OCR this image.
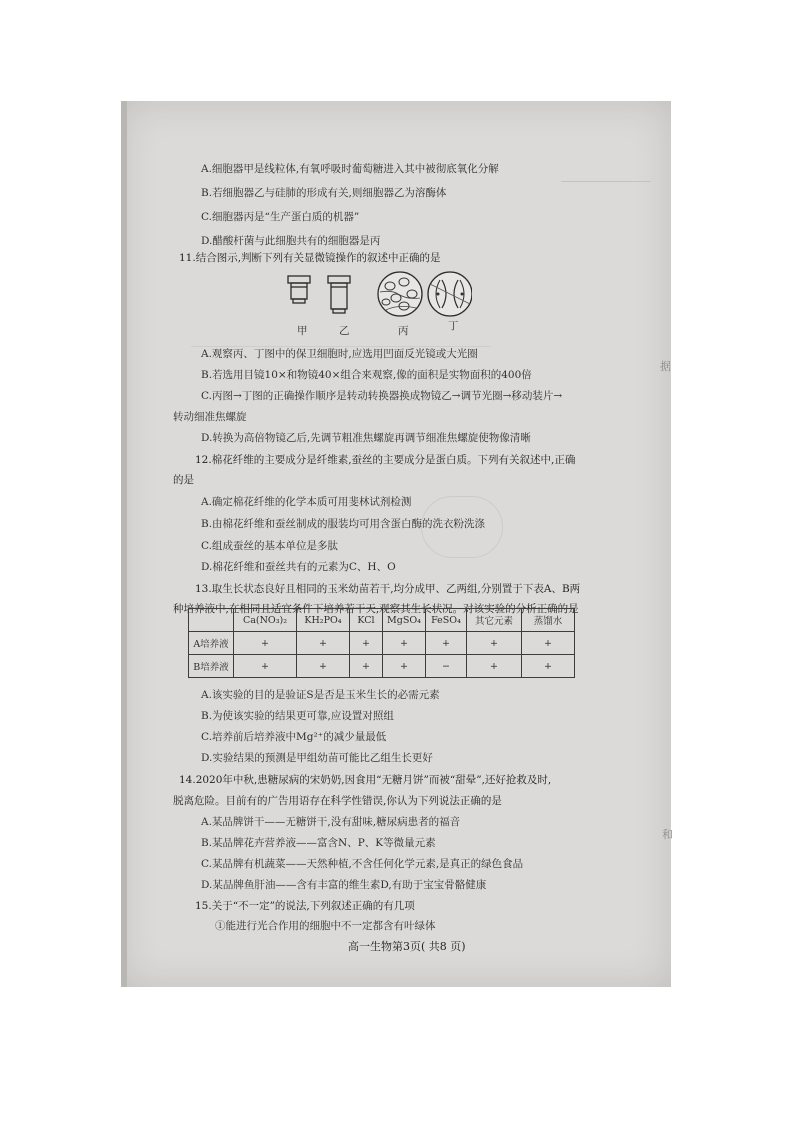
A.细胞器甲是线粒体,有氧呼吸时葡萄糖进入其中被彻底氧化分解
B.若细胞器乙与硅肺的形成有关,则细胞器乙为溶酶体
C.细胞器丙是“生产蛋白质的机器”
D.醋酸杆菌与此细胞共有的细胞器是丙
11.结合图示,判断下列有关显微镜操作的叙述中正确的是
甲	乙	丙	丁
A.观察丙、丁图中的保卫细胞时,应选用凹面反光镜或大光圈
B.若选用目镜10×和物镜40×组合来观察,像的面积是实物面积的400倍
C.丙图→丁图的正确操作顺序是转动转换器换成物镜乙→调节光圈→移动装片→
转动细准焦螺旋
D.转换为高倍物镜乙后,先调节粗准焦螺旋再调节细准焦螺旋使物像清晰
12.棉花纤维的主要成分是纤维素,蚕丝的主要成分是蛋白质。下列有关叙述中,正确
的是
A.确定棉花纤维的化学本质可用斐林试剂检测
B.由棉花纤维和蚕丝制成的服装均可用含蛋白酶的洗衣粉洗涤
C.组成蚕丝的基本单位是多肽
D.棉花纤维和蚕丝共有的元素为C、H、O
13.取生长状态良好且相同的玉米幼苗若干,均分成甲、乙两组,分别置于下表A、B两
种培养液中,在相同且适宜条件下培养若干天,观察其生长状况。对该实验的分析正确的是
	Ca(NO₃)₂	KH₂PO₄	KCl	MgSO₄	FeSO₄	其它元素	蒸馏水
A培养液	+	+	+	+	+	+	+
B培养液	+	+	+	+	−	+	+
A.该实验的目的是验证S是否是玉米生长的必需元素
B.为使该实验的结果更可靠,应设置对照组
C.培养前后培养液中Mg²⁺的减少量最低
D.实验结果的预测是甲组幼苗可能比乙组生长更好
14.2020年中秋,患糖尿病的宋奶奶,因食用“无糖月饼”而被“甜晕”,还好抢救及时,
脱离危险。目前有的广告用语存在科学性错误,你认为下列说法正确的是
A.某品牌饼干——无糖饼干,没有甜味,糖尿病患者的福音
B.某品牌花卉营养液——富含N、P、K等微量元素
C.某品牌有机蔬菜——天然种植,不含任何化学元素,是真正的绿色食品
D.某品牌鱼肝油——含有丰富的维生素D,有助于宝宝骨骼健康
15.关于“不一定”的说法,下列叙述正确的有几项
①能进行光合作用的细胞中不一定都含有叶绿体
高一生物第3页( 共8 页)
据
和
